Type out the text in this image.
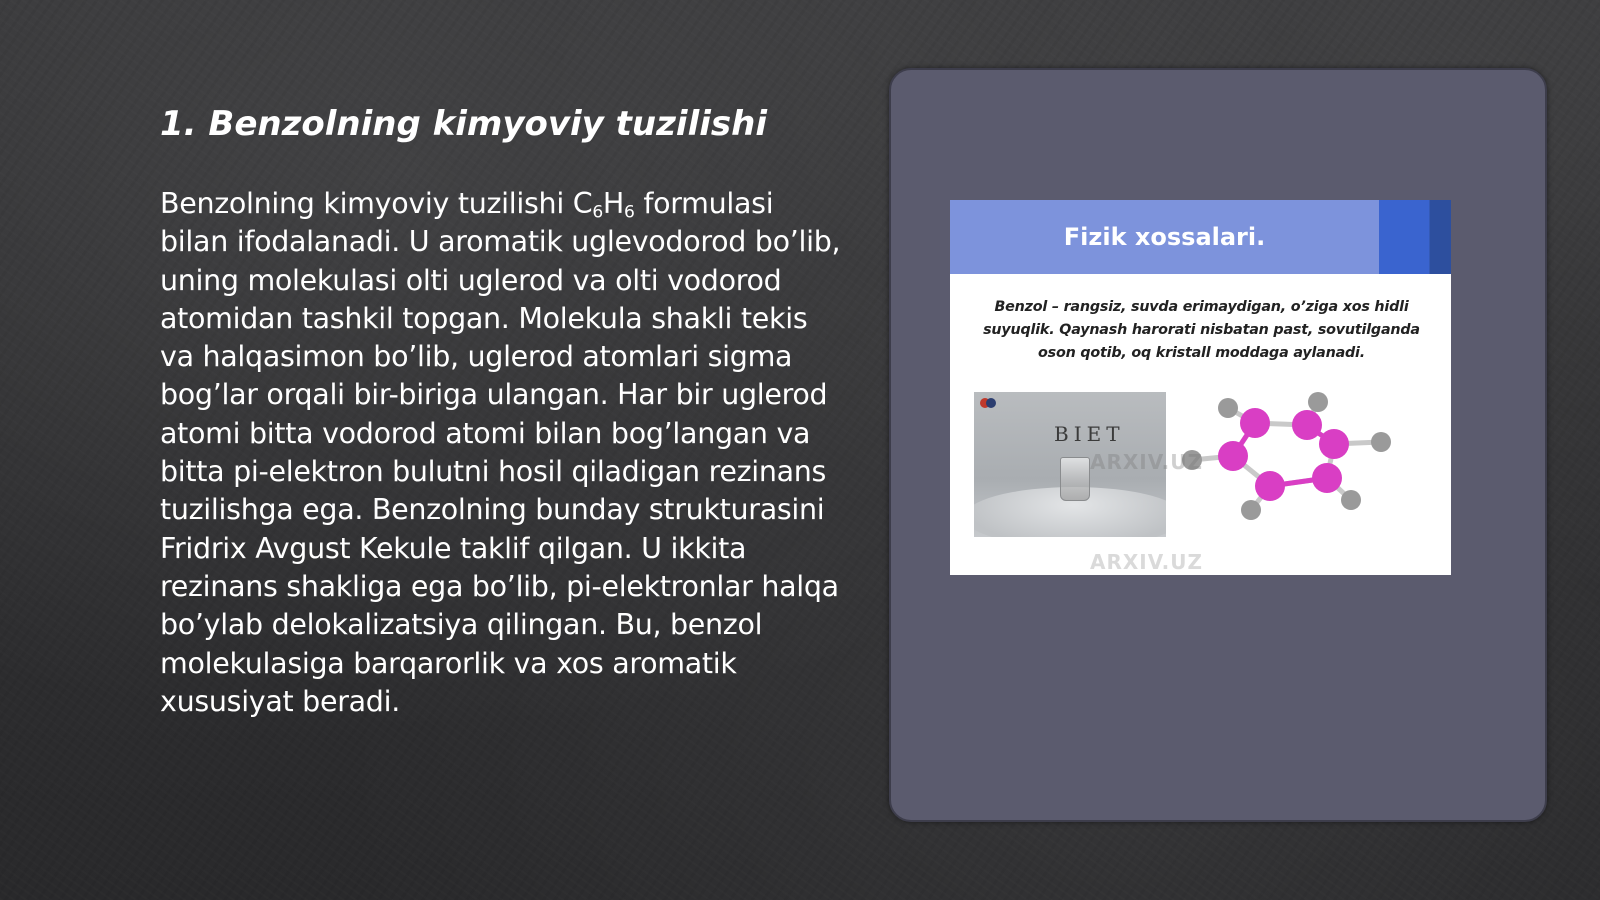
1. Benzolning kimyoviy tuzilishi

Benzolning kimyoviy tuzilishi $C_6H_6$ formulasi bilan ifodalanadi. U aromatik uglevodorod bo’lib, uning molekulasi olti uglerod va olti vodorod atomidan tashkil topgan. Molekula shakli tekis va halqasimon bo’lib, uglerod atomlari sigma bog’lar orqali bir-biriga ulangan. Har bir uglerod atomi bitta vodorod atomi bilan bog’langan va bitta pi-elektron bulutni hosil qiladigan rezinans tuzilishga ega. Benzolning bunday strukturasini Fridrix Avgust Kekule taklif qilgan. U ikkita rezinans shakliga ega bo’lib, pi-elektronlar halqa bo’ylab delokalizatsiya qilingan. Bu, benzol molekulasiga barqarorlik va xos aromatik xususiyat beradi.

Fizik xossalari.

Benzol – rangsiz, suvda erimaydigan, o’ziga xos hidli suyuqlik. Qaynash harorati nisbatan past, sovutilganda oson qotib, oq kristall moddaga aylanadi.

BIET
ARXIV.UZ
ARXIV.UZ
